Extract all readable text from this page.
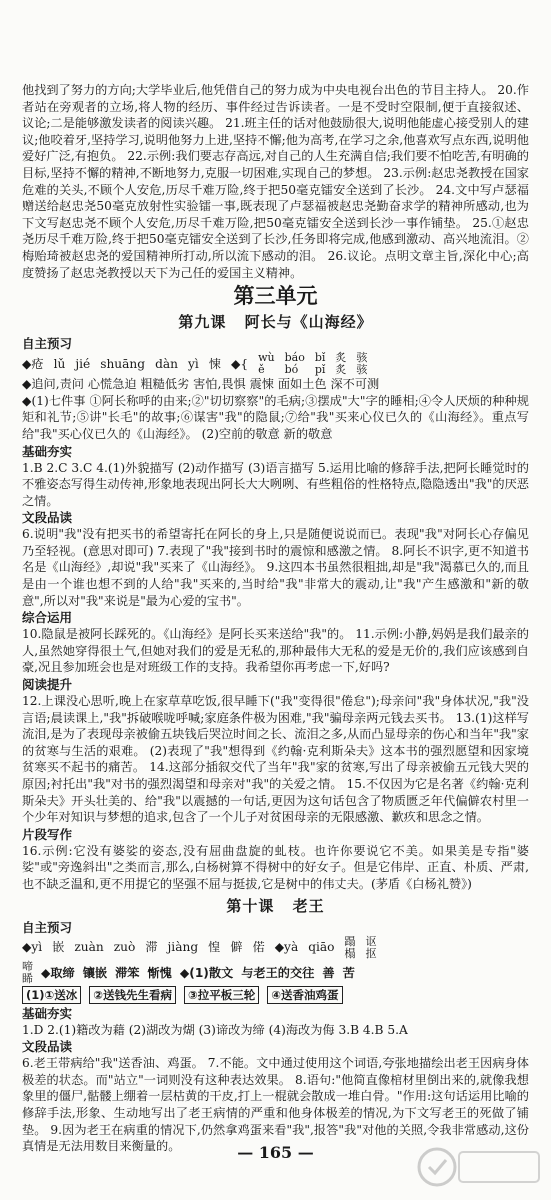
他找到了努力的方向;大学毕业后,他凭借自己的努力成为中央电视台出色的节目主持人。 20.作者站在旁观者的立场,将人物的经历、事件经过告诉读者。一是不受时空限制,便于直接叙述、议论;二是能够激发读者的阅读兴趣。 21.班主任的话对他鼓励很大,说明他能虚心接受别人的建议;他咬着牙,坚持学习,说明他努力上进,坚持不懈;他为高考,在学习之余,他喜欢写点东西,说明他爱好广泛,有抱负。 22.示例:我们要志存高远,对自己的人生充满自信;我们要不怕吃苦,有明确的目标,坚持不懈的精神,不断地努力,克服一切困难,实现自己的梦想。 23.示例:赵忠尧教授在国家危难的关头,不顾个人安危,历尽千难万险,终于把50毫克镭安全送到了长沙。 24.文中写卢瑟福赠送给赵忠尧50毫克放射性实验镭一事,既表现了卢瑟福被赵忠尧勤奋求学的精神所感动,也为下文写赵忠尧不顾个人安危,历尽千难万险,把50毫克镭安全送到长沙一事作铺垫。 25.①赵忠尧历尽千难万险,终于把50毫克镭安全送到了长沙,任务即将完成,他感到激动、高兴地流泪。②梅贻琦被赵忠尧的爱国精神所打动,所以流下感动的泪。 26.议论。点明文章主旨,深化中心;高度赞扬了赵忠尧教授以天下为己任的爱国主义精神。

第三单元
第九课 阿长与《山海经》
自主预习
◆疮 lǔ jié shuāng dàn yì 悚 ◆{ wù
ě
báo
bó
bǐ
pǐ
炙
炙
骇
骇

◆追问,责问 心慌急迫 粗糙低劣 害怕,畏惧 震悚 面如土色 深不可测

◆(1)七件事 ①阿长称呼的由来;②"切切察察"的毛病;③摆成"大"字的睡相;④令人厌烦的种种规矩和礼节;⑤讲"长毛"的故事;⑥谋害"我"的隐鼠;⑦给"我"买来心仪已久的《山海经》。重点写给"我"买心仪已久的《山海经》。 (2)空前的敬意 新的敬意

基础夯实

1.B 2.C 3.C 4.(1)外貌描写 (2)动作描写 (3)语言描写 5.运用比喻的修辞手法,把阿长睡觉时的不雅姿态写得生动传神,形象地表现出阿长大大咧咧、有些粗俗的性格特点,隐隐透出"我"的厌恶之情。

文段品读

6.说明"我"没有把买书的希望寄托在阿长的身上,只是随便说说而已。表现"我"对阿长心存偏见乃至轻视。(意思对即可) 7.表现了"我"接到书时的震惊和感激之情。 8.阿长不识字,更不知道书名是《山海经》,却说"我"买来了《山海经》。 9.这四本书虽然很粗拙,却是"我"渴慕已久的,而且是由一个谁也想不到的人给"我"买来的,当时给"我"非常大的震动,让"我"产生感激和"新的敬意",所以对"我"来说是"最为心爱的宝书"。

综合运用

10.隐鼠是被阿长踩死的。《山海经》是阿长买来送给"我"的。 11.示例:小静,妈妈是我们最亲的人,虽然她穿得很土气,但她对我们的爱是无私的,那种最伟大无私的爱是无价的,我们应该感到自豪,况且参加班会也是对班级工作的支持。我希望你再考虑一下,好吗?

阅读提升

12.上课没心思听,晚上在家草草吃饭,很早睡下("我"变得很"倦怠");母亲问"我"身体状况,"我"没言语;晨读课上,"我"拆破喉咙呼喊;家庭条件极为困难,"我"骗母亲两元钱去买书。 13.(1)这样写流泪,是为了表现母亲被偷五块钱后哭泣时间之长、流泪之多,从而凸显母亲的伤心和当年"我"家的贫寒与生活的艰难。 (2)表现了"我"想得到《约翰·克利斯朵夫》这本书的强烈愿望和因家境贫寒买不起书的痛苦。 14.这部分插叙交代了当年"我"家的贫寒,写出了母亲被偷五元钱大哭的原因;衬托出"我"对书的强烈渴望和母亲对"我"的关爱之情。 15.不仅因为它是名著《约翰·克利斯朵夫》开头壮美的、给"我"以震撼的一句话,更因为这句话包含了物质匮乏年代偏僻农村里一个少年对知识与梦想的追求,包含了一个儿子对贫困母亲的无限感激、歉疚和思念之情。

片段写作

16.示例:它没有婆娑的姿态,没有屈曲盘旋的虬枝。也许你要说它不美。如果美是专指"婆娑"或"旁逸斜出"之类而言,那么,白杨树算不得树中的好女子。但是它伟岸、正直、朴质、严肃,也不缺乏温和,更不用提它的坚强不屈与挺拔,它是树中的伟丈夫。(茅盾《白杨礼赞》)

第十课 老王
自主预习
◆yì 嵌 zuàn zuò 滞 jiàng 惶 僻 偌 ◆yà qiāo 蹋
榻
讴
抠
啼
睎 ◆取缔 镶嵌 滞笨 惭愧 ◆(1)散文 与老王的交往 善 苦
(1)①送冰	②送钱先生看病	③拉平板三轮	④送香油鸡蛋
基础夯实

1.D 2.(1)籍改为藉 (2)湖改为煳 (3)谛改为缔 (4)海改为侮 3.B 4.B 5.A

文段品读

6.老王带病给"我"送香油、鸡蛋。 7.不能。文中通过使用这个词语,夸张地描绘出老王因病身体极差的状态。而"站立"一词则没有这种表达效果。 8.语句:"他简直像棺材里倒出来的,就像我想象里的僵尸,骷髅上绷着一层枯黄的干皮,打上一棍就会散成一堆白骨。"作用:这句话运用比喻的修辞手法,形象、生动地写出了老王病情的严重和他身体极差的情况,为下文写老王的死做了铺垫。 9.因为老王在病重的情况下,仍然拿鸡蛋来看"我",报答"我"对他的关照,令我非常感动,这份真情是无法用数目来衡量的。	— 165 —
